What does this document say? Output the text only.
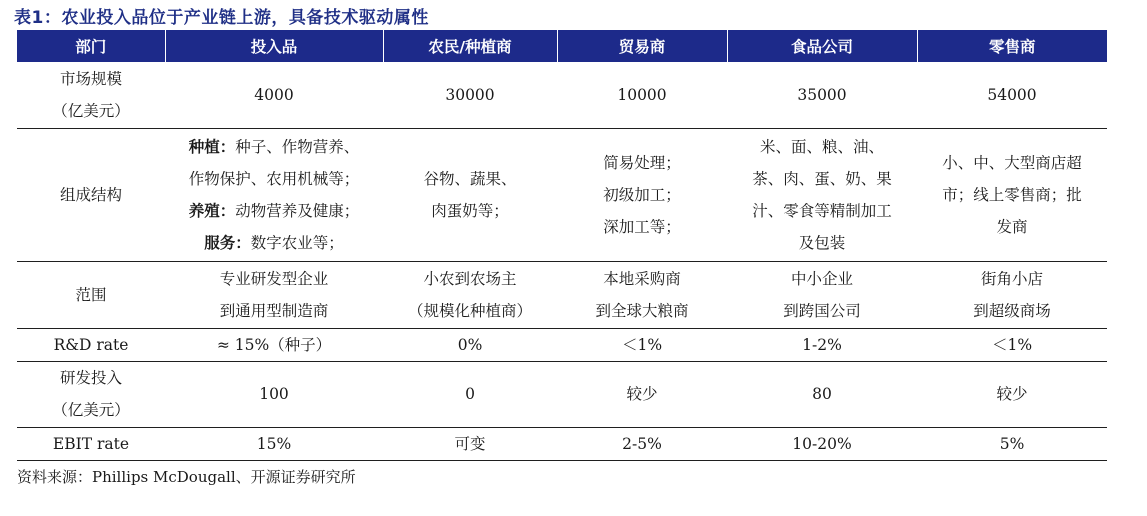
表1：农业投入品位于产业链上游，具备技术驱动属性
部门	投入品	农民/种植商	贸易商	食品公司	零售商

市场规模
（亿美元）	4000	30000	10000	35000	54000
组成结构	种植：种子、作物营养、
作物保护、农用机械等；
养殖：动物营养及健康；
服务：数字农业等；	谷物、蔬果、
肉蛋奶等；	简易处理；
初级加工；
深加工等；	米、面、粮、油、
茶、肉、蛋、奶、果
汁、零食等精制加工
及包装	小、中、大型商店超
市；线上零售商；批
发商

范围	专业研发型企业
到通用型制造商	小农到农场主
（规模化种植商）	本地采购商
到全球大粮商	中小企业
到跨国公司	街角小店
到超级商场

R&D rate	≈ 15%（种子）	0%	＜1%	1-2%	＜1%

研发投入
（亿美元）	100	0	较少	80	较少
EBIT rate	15%	可变	2-5%	10-20%	5%
资料来源：Phillips McDougall、开源证券研究所
